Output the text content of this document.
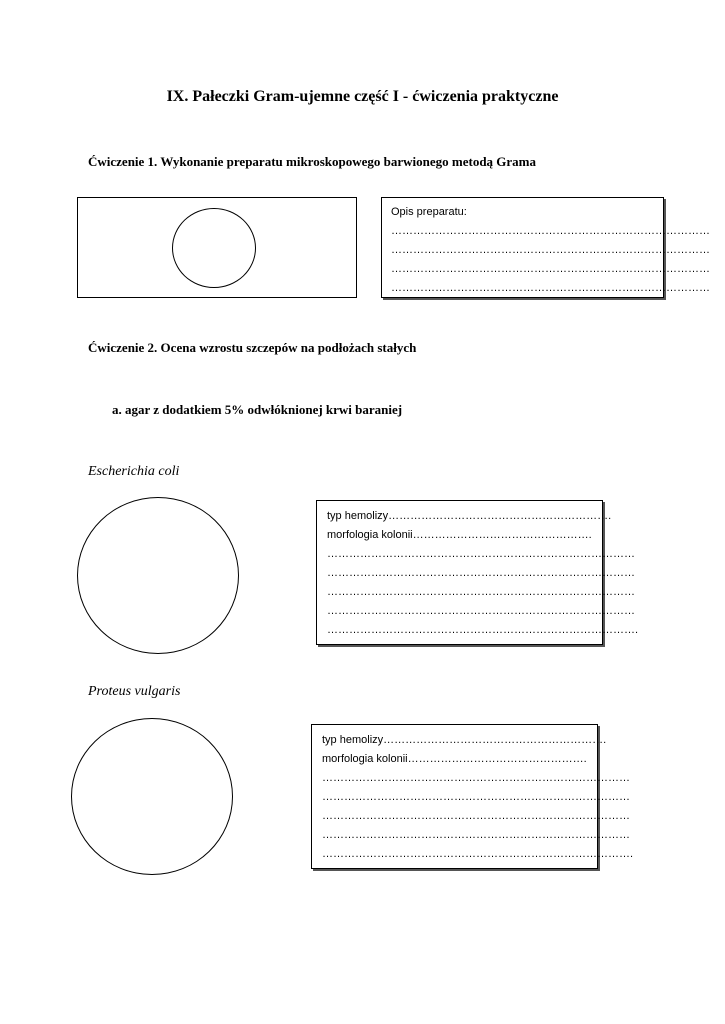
IX. Pałeczki Gram-ujemne część I - ćwiczenia praktyczne
Ćwiczenie 1. Wykonanie preparatu mikroskopowego barwionego metodą Grama
Opis preparatu:
……………………………………………………………………………
……………………………………………………………………………
……………………………………………………………………………
……………………………………………………………………………
Ćwiczenie 2. Ocena wzrostu szczepów na podłożach stałych
a. agar z dodatkiem 5% odwłóknionej krwi baraniej
Escherichia coli
typ hemolizy…………………………………………………….
morfologia kolonii………………………………………….
…………………………………………………………………………
…………………………………………………………………………
…………………………………………………………………………
…………………………………………………………………………
………………………………………………………………………….
Proteus vulgaris
typ hemolizy…………………………………………………….
morfologia kolonii………………………………………….
…………………………………………………………………………
…………………………………………………………………………
…………………………………………………………………………
…………………………………………………………………………
………………………………………………………………………….
